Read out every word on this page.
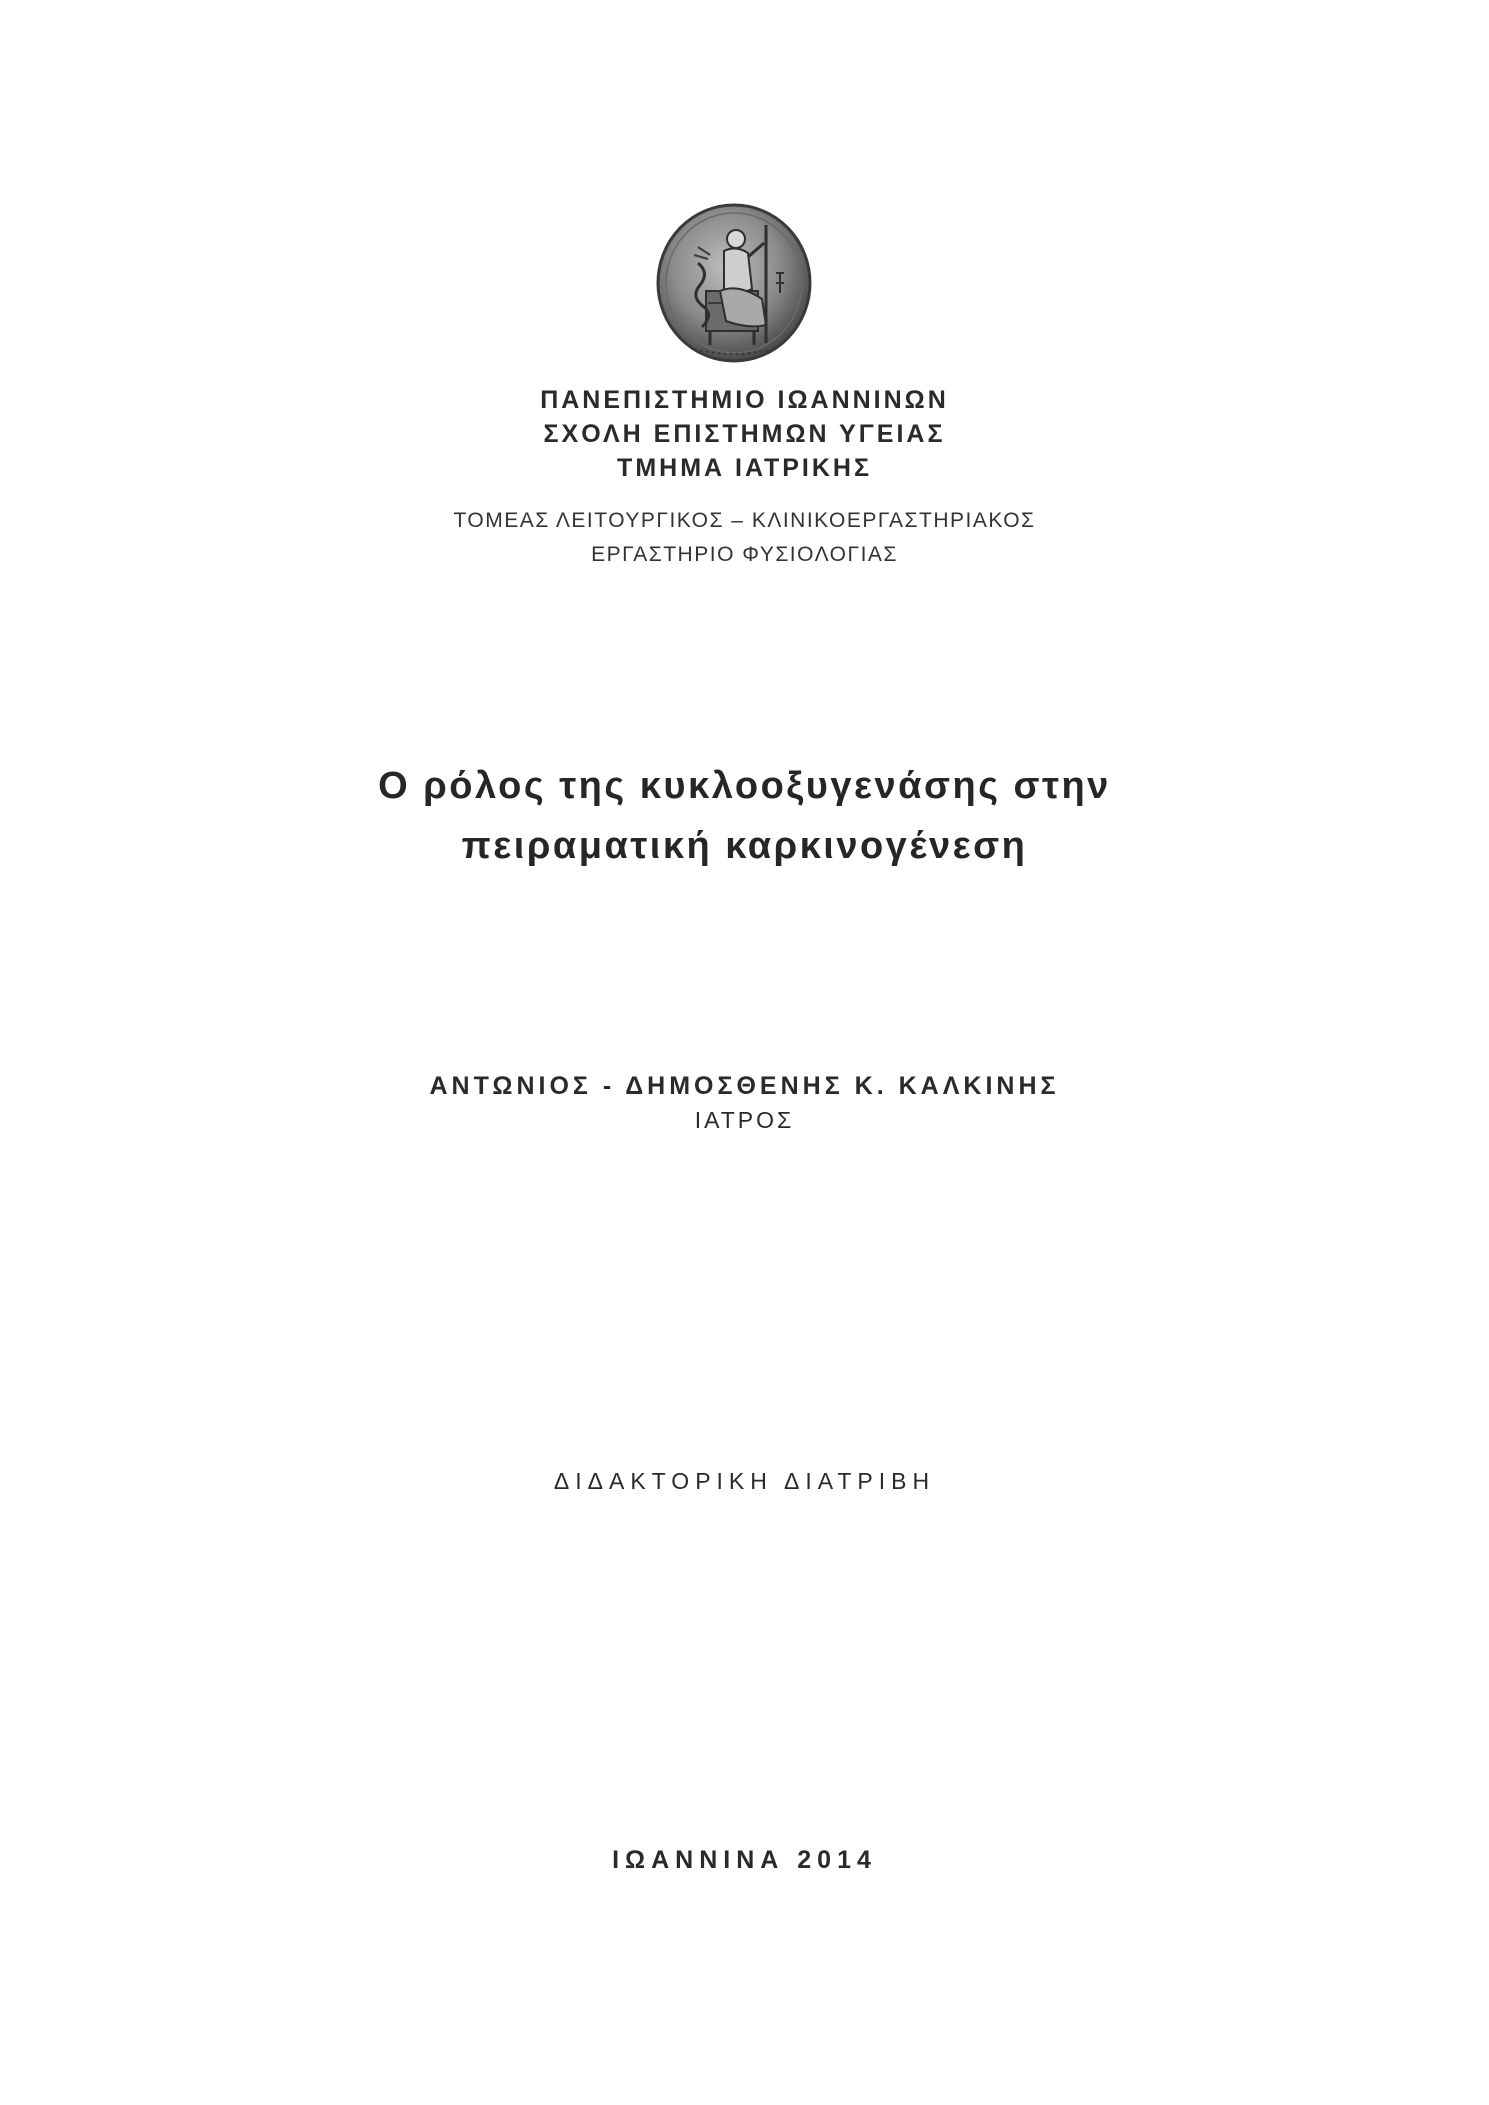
ΠΑΝΕΠΙΣΤΗΜΙΟ ΙΩΑΝΝΙΝΩΝ
ΣΧΟΛΗ ΕΠΙΣΤΗΜΩΝ ΥΓΕΙΑΣ
ΤΜΗΜΑ ΙΑΤΡΙΚΗΣ
ΤΟΜΕΑΣ ΛΕΙΤΟΥΡΓΙΚΟΣ – ΚΛΙΝΙΚΟΕΡΓΑΣΤΗΡΙΑΚΟΣ
ΕΡΓΑΣΤΗΡΙΟ ΦΥΣΙΟΛΟΓΙΑΣ
Ο ρόλος της κυκλοοξυγενάσης στην
πειραματική καρκινογένεση
ΑΝΤΩΝΙΟΣ - ΔΗΜΟΣΘΕΝΗΣ Κ. ΚΑΛΚΙΝΗΣ
ΙΑΤΡΟΣ
ΔΙΔΑΚΤΟΡΙΚΗ ΔΙΑΤΡΙΒΗ
ΙΩΑΝΝΙΝΑ 2014
